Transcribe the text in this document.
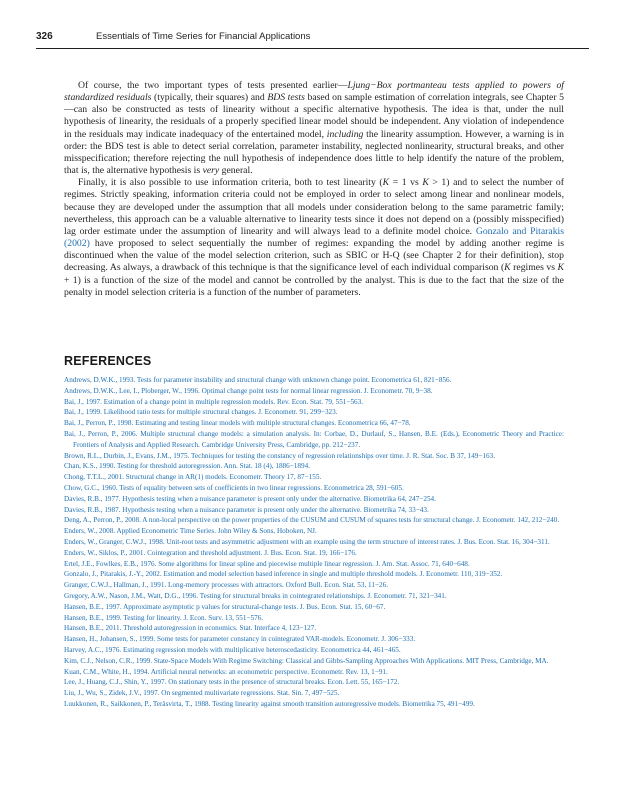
326	Essentials of Time Series for Financial Applications

Of course, the two important types of tests presented earlier—Ljung−Box portmanteau tests applied to powers of standardized residuals (typically, their squares) and BDS tests based on sample estimation of correlation integrals, see Chapter 5—can also be constructed as tests of linearity without a specific alternative hypothesis. The idea is that, under the null hypothesis of linearity, the residuals of a properly specified linear model should be independent. Any violation of independence in the residuals may indicate inadequacy of the entertained model, including the linearity assumption. However, a warning is in order: the BDS test is able to detect serial correlation, parameter instability, neglected nonlinearity, structural breaks, and other misspecification; therefore rejecting the null hypothesis of independence does little to help identify the nature of the problem, that is, the alternative hypothesis is very general.

Finally, it is also possible to use information criteria, both to test linearity (K = 1 vs K > 1) and to select the number of regimes. Strictly speaking, information criteria could not be employed in order to select among linear and nonlinear models, because they are developed under the assumption that all models under consideration belong to the same parametric family; nevertheless, this approach can be a valuable alternative to linearity tests since it does not depend on a (possibly misspecified) lag order estimate under the assumption of linearity and will always lead to a definite model choice. Gonzalo and Pitarakis (2002) have proposed to select sequentially the number of regimes: expanding the model by adding another regime is discontinued when the value of the model selection criterion, such as SBIC or H-Q (see Chapter 2 for their definition), stop decreasing. As always, a drawback of this technique is that the significance level of each individual comparison (K regimes vs K + 1) is a function of the size of the model and cannot be controlled by the analyst. This is due to the fact that the size of the penalty in model selection criteria is a function of the number of parameters.

REFERENCES
Andrews, D.W.K., 1993. Tests for parameter instability and structural change with unknown change point. Econometrica 61, 821−856.
Andrews, D.W.K., Lee, I., Ploberger, W., 1996. Optimal change point tests for normal linear regression. J. Econometr. 70, 9−38.
Bai, J., 1997. Estimation of a change point in multiple regression models. Rev. Econ. Stat. 79, 551−563.
Bai, J., 1999. Likelihood ratio tests for multiple structural changes. J. Econometr. 91, 299−323.
Bai, J., Perron, P., 1998. Estimating and testing linear models with multiple structural changes. Econometrica 66, 47−78.
Bai, J., Perron, P., 2006. Multiple structural change models: a simulation analysis. In: Corbae, D., Durlauf, S., Hansen, B.E. (Eds.), Econometric Theory and Practice: Frontiers of Analysis and Applied Research. Cambridge University Press, Cambridge, pp. 212−237.
Brown, R.L., Durbin, J., Evans, J.M., 1975. Techniques for testing the constancy of regression relationships over time. J. R. Stat. Soc. B 37, 149−163.
Chan, K.S., 1990. Testing for threshold autoregression. Ann. Stat. 18 (4), 1886−1894.
Chong, T.T.L., 2001. Structural change in AR(1) models. Econometr. Theory 17, 87−155.
Chow, G.C., 1960. Tests of equality between sets of coefficients in two linear regressions. Econometrica 28, 591−605.
Davies, R.B., 1977. Hypothesis testing when a nuisance parameter is present only under the alternative. Biometrika 64, 247−254.
Davies, R.B., 1987. Hypothesis testing when a nuisance parameter is present only under the alternative. Biometrika 74, 33−43.
Deng, A., Perron, P., 2008. A non-local perspective on the power properties of the CUSUM and CUSUM of squares tests for structural change. J. Econometr. 142, 212−240.
Enders, W., 2008. Applied Econometric Time Series. John Wiley & Sons, Hoboken, NJ.
Enders, W., Granger, C.W.J., 1998. Unit-root tests and asymmetric adjustment with an example using the term structure of interest rates. J. Bus. Econ. Stat. 16, 304−311.
Enders, W., Siklos, P., 2001. Cointegration and threshold adjustment. J. Bus. Econ. Stat. 19, 166−176.
Ertel, J.E., Fowlkes, E.B., 1976. Some algorithms for linear spline and piecewise multiple linear regression. J. Am. Stat. Assoc. 71, 640−648.
Gonzalo, J., Pitarakis, J.-Y., 2002. Estimation and model selection based inference in single and multiple threshold models. J. Econometr. 110, 319−352.
Granger, C.W.J., Hallman, J., 1991. Long-memory processes with attractors. Oxford Bull. Econ. Stat. 53, 11−26.
Gregory, A.W., Nason, J.M., Watt, D.G., 1996. Testing for structural breaks in cointegrated relationships. J. Econometr. 71, 321−341.
Hansen, B.E., 1997. Approximate asymptotic p values for structural-change tests. J. Bus. Econ. Stat. 15, 60−67.
Hansen, B.E., 1999. Testing for linearity. J. Econ. Surv. 13, 551−576.
Hansen, B.E., 2011. Threshold autoregression in economics. Stat. Interface 4, 123−127.
Hansen, H., Johansen, S., 1999. Some tests for parameter constancy in cointegrated VAR-models. Econometr. J. 306−333.
Harvey, A.C., 1976. Estimating regression models with multiplicative heteroscedasticity. Econometrica 44, 461−465.
Kim, C.J., Nelson, C.R., 1999. State-Space Models With Regime Switching: Classical and Gibbs-Sampling Approaches With Applications. MIT Press, Cambridge, MA.
Kuan, C.M., White, H., 1994. Artificial neural networks: an econometric perspective. Econometr. Rev. 13, 1−91.
Lee, J., Huang, C.J., Shin, Y., 1997. On stationary tests in the presence of structural breaks. Econ. Lett. 55, 165−172.
Liu, J., Wu, S., Zidek, J.V., 1997. On segmented multivariate regressions. Stat. Sin. 7, 497−525.
Luukkonen, R., Saikkonen, P., Teräsvirta, T., 1988. Testing linearity against smooth transition autoregressive models. Biometrika 75, 491−499.
